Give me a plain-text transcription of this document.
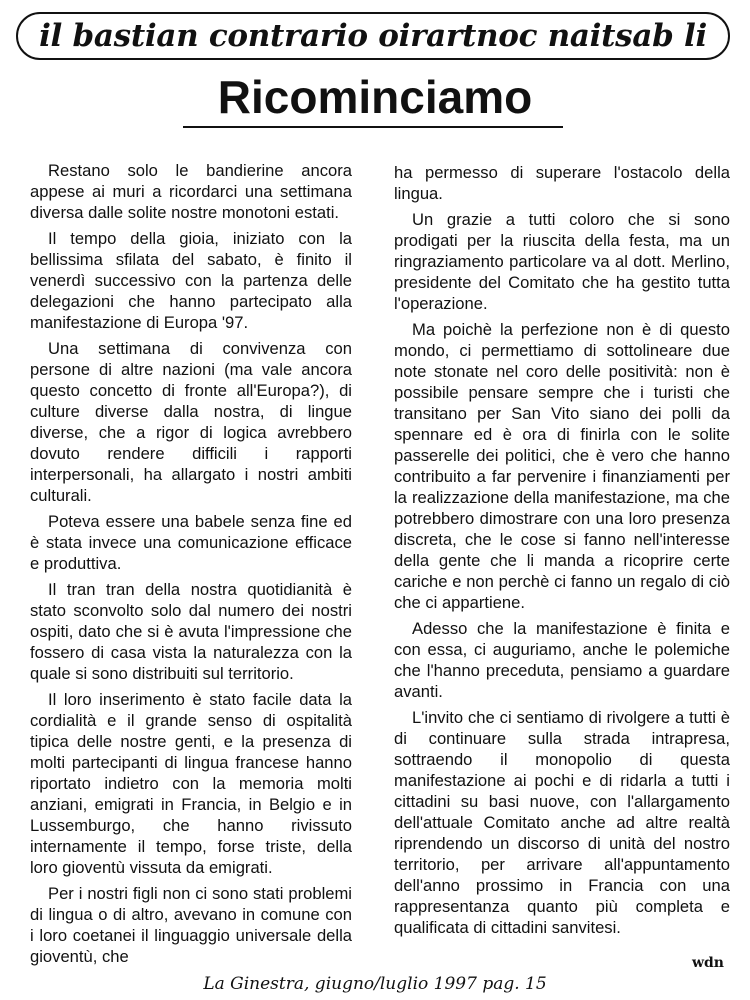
il bastian contrario oirartnoc naitsab li
Ricominciamo

Restano solo le bandierine ancora appese ai muri a ricordarci una settimana diversa dalle solite nostre monotoni estati.

Il tempo della gioia, iniziato con la bellissima sfilata del sabato, è finito il venerdì successivo con la partenza delle delegazioni che hanno partecipato alla manifestazione di Europa '97.

Una settimana di convivenza con persone di altre nazioni (ma vale ancora questo concetto di fronte all'Europa?), di culture diverse dalla nostra, di lingue diverse, che a rigor di logica avrebbero dovuto rendere difficili i rapporti interpersonali, ha allargato i nostri ambiti culturali.

Poteva essere una babele senza fine ed è stata invece una comunicazione efficace e produttiva.

Il tran tran della nostra quotidianità è stato sconvolto solo dal numero dei nostri ospiti, dato che si è avuta l'impressione che fossero di casa vista la naturalezza con la quale si sono distribuiti sul territorio.

Il loro inserimento è stato facile data la cordialità e il grande senso di ospitalità tipica delle nostre genti, e la presenza di molti partecipanti di lingua francese hanno riportato indietro con la memoria molti anziani, emigrati in Francia, in Belgio e in Lussemburgo, che hanno rivissuto internamente il tempo, forse triste, della loro gioventù vissuta da emigrati.

Per i nostri figli non ci sono stati problemi di lingua o di altro, avevano in comune con i loro coetanei il linguaggio universale della gioventù, che

ha permesso di superare l'ostacolo della lingua.

Un grazie a tutti coloro che si sono prodigati per la riuscita della festa, ma un ringraziamento particolare va al dott. Merlino, presidente del Comitato che ha gestito tutta l'operazione.

Ma poichè la perfezione non è di questo mondo, ci permettiamo di sottolineare due note stonate nel coro delle positività: non è possibile pensare sempre che i turisti che transitano per San Vito siano dei polli da spennare ed è ora di finirla con le solite passerelle dei politici, che è vero che hanno contribuito a far pervenire i finanziamenti per la realizzazione della manifestazione, ma che potrebbero dimostrare con una loro presenza discreta, che le cose si fanno nell'interesse della gente che li manda a ricoprire certe cariche e non perchè ci fanno un regalo di ciò che ci appartiene.

Adesso che la manifestazione è finita e con essa, ci auguriamo, anche le polemiche che l'hanno preceduta, pensiamo a guardare avanti.

L'invito che ci sentiamo di rivolgere a tutti è di continuare sulla strada intrapresa, sottraendo il monopolio di questa manifestazione ai pochi e di ridarla a tutti i cittadini su basi nuove, con l'allargamento dell'attuale Comitato anche ad altre realtà riprendendo un discorso di unità del nostro territorio, per arrivare all'appuntamento dell'anno prossimo in Francia con una rappresentanza quanto più completa e qualificata di cittadini sanvitesi.

wdn
La Ginestra, giugno/luglio 1997 pag. 15
